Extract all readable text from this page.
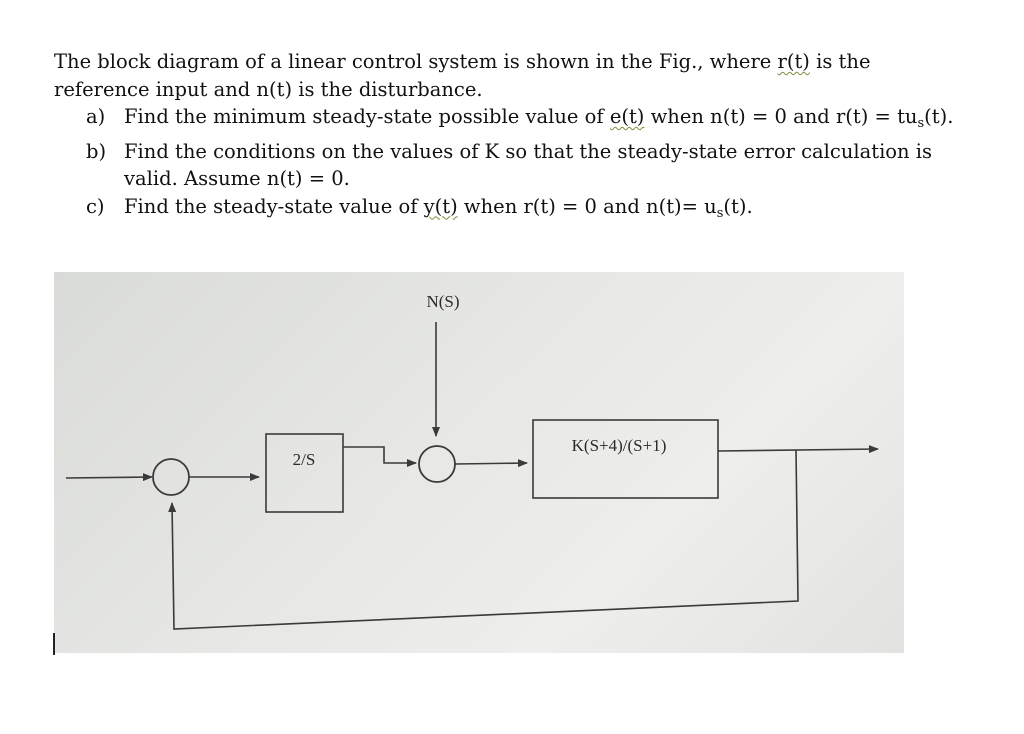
The block diagram of a linear control system is shown in the Fig., where r(t) is the reference input and n(t) is the disturbance.

a) Find the minimum steady-state possible value of e(t) when n(t) = 0 and $r(t) = tu_s(t)$.
b) Find the conditions on the values of K so that the steady-state error calculation is valid. Assume n(t) = 0.
c) Find the steady-state value of y(t) when r(t) = 0 and $n(t)= u_s(t)$.
2/S
N(S)
K(S+4)/(S+1)
